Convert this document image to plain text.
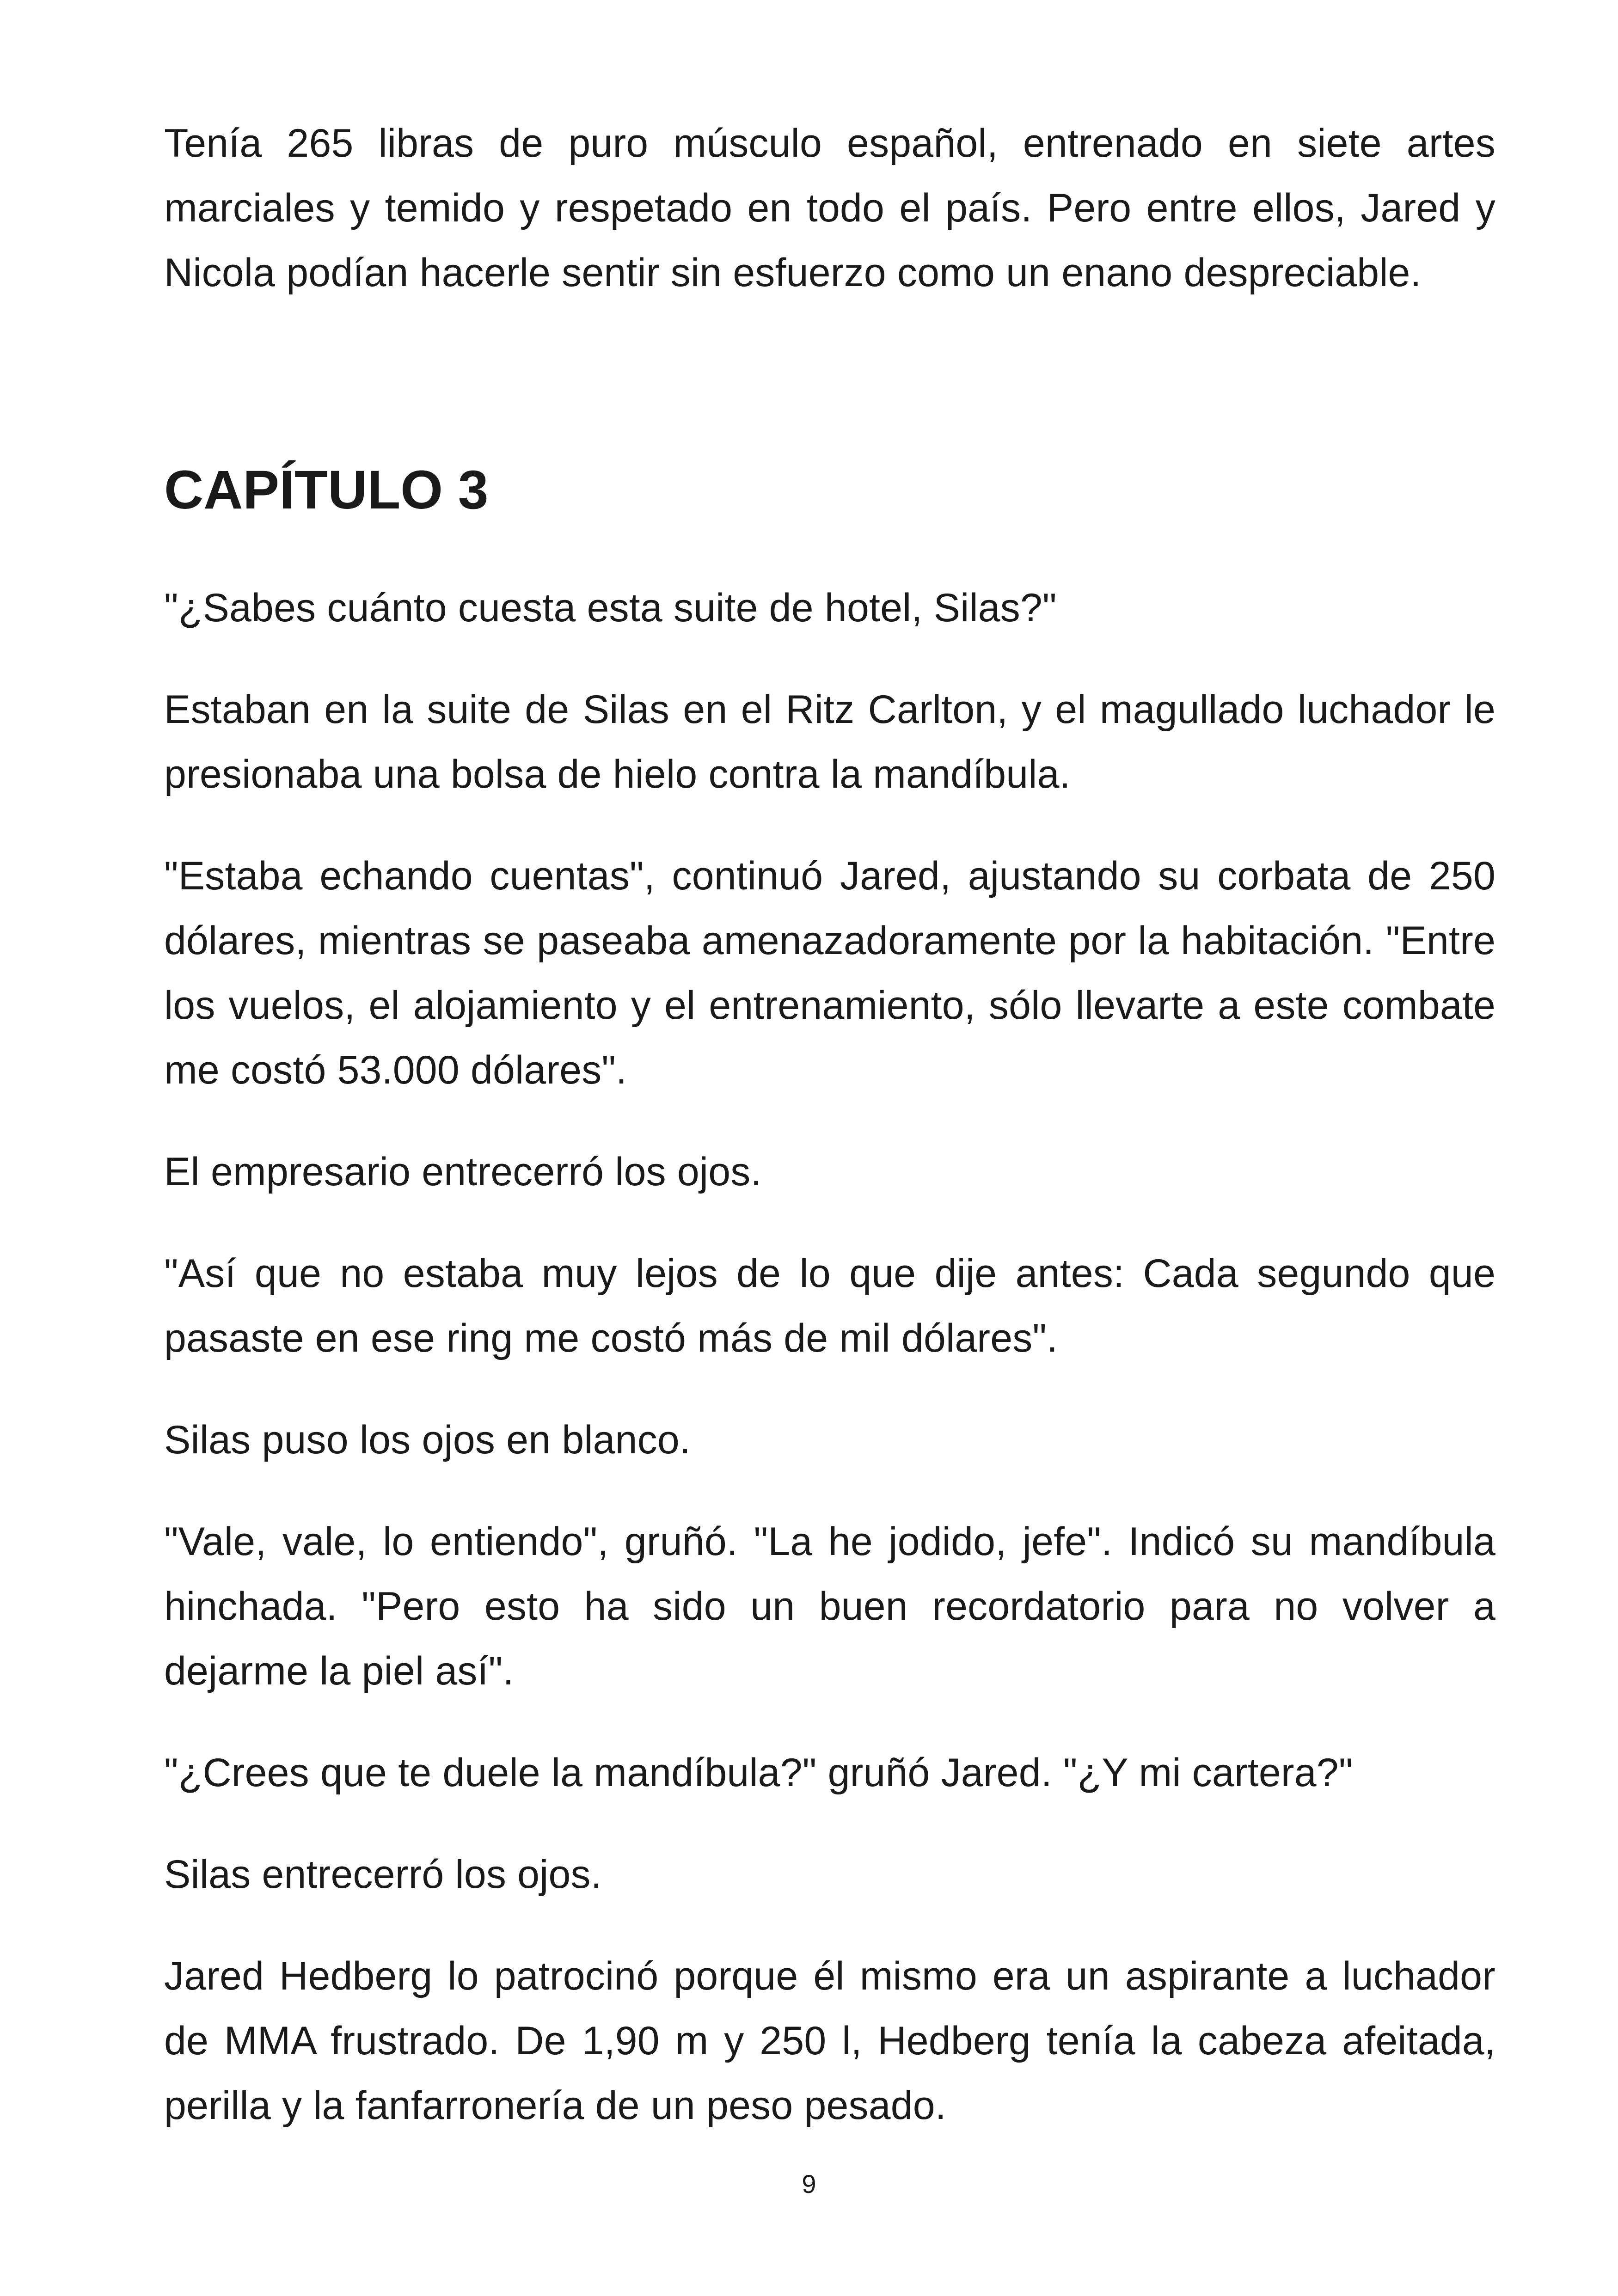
Tenía 265 libras de puro músculo español, entrenado en siete artes marciales y temido y respetado en todo el país. Pero entre ellos, Jared y Nicola podían hacerle sentir sin esfuerzo como un enano despreciable.

CAPÍTULO 3

"¿Sabes cuánto cuesta esta suite de hotel, Silas?"

Estaban en la suite de Silas en el Ritz Carlton, y el magullado luchador le presionaba una bolsa de hielo contra la mandíbula.

"Estaba echando cuentas", continuó Jared, ajustando su corbata de 250 dólares, mientras se paseaba amenazadoramente por la habitación. "Entre los vuelos, el alojamiento y el entrenamiento, sólo llevarte a este combate me costó 53.000 dólares".

El empresario entrecerró los ojos.

"Así que no estaba muy lejos de lo que dije antes: Cada segundo que pasaste en ese ring me costó más de mil dólares".

Silas puso los ojos en blanco.

"Vale, vale, lo entiendo", gruñó. "La he jodido, jefe". Indicó su mandíbula hinchada. "Pero esto ha sido un buen recordatorio para no volver a dejarme la piel así".

"¿Crees que te duele la mandíbula?" gruñó Jared. "¿Y mi cartera?"

Silas entrecerró los ojos.

Jared Hedberg lo patrocinó porque él mismo era un aspirante a luchador de MMA frustrado. De 1,90 m y 250 l, Hedberg tenía la cabeza afeitada, perilla y la fanfarronería de un peso pesado.

9
